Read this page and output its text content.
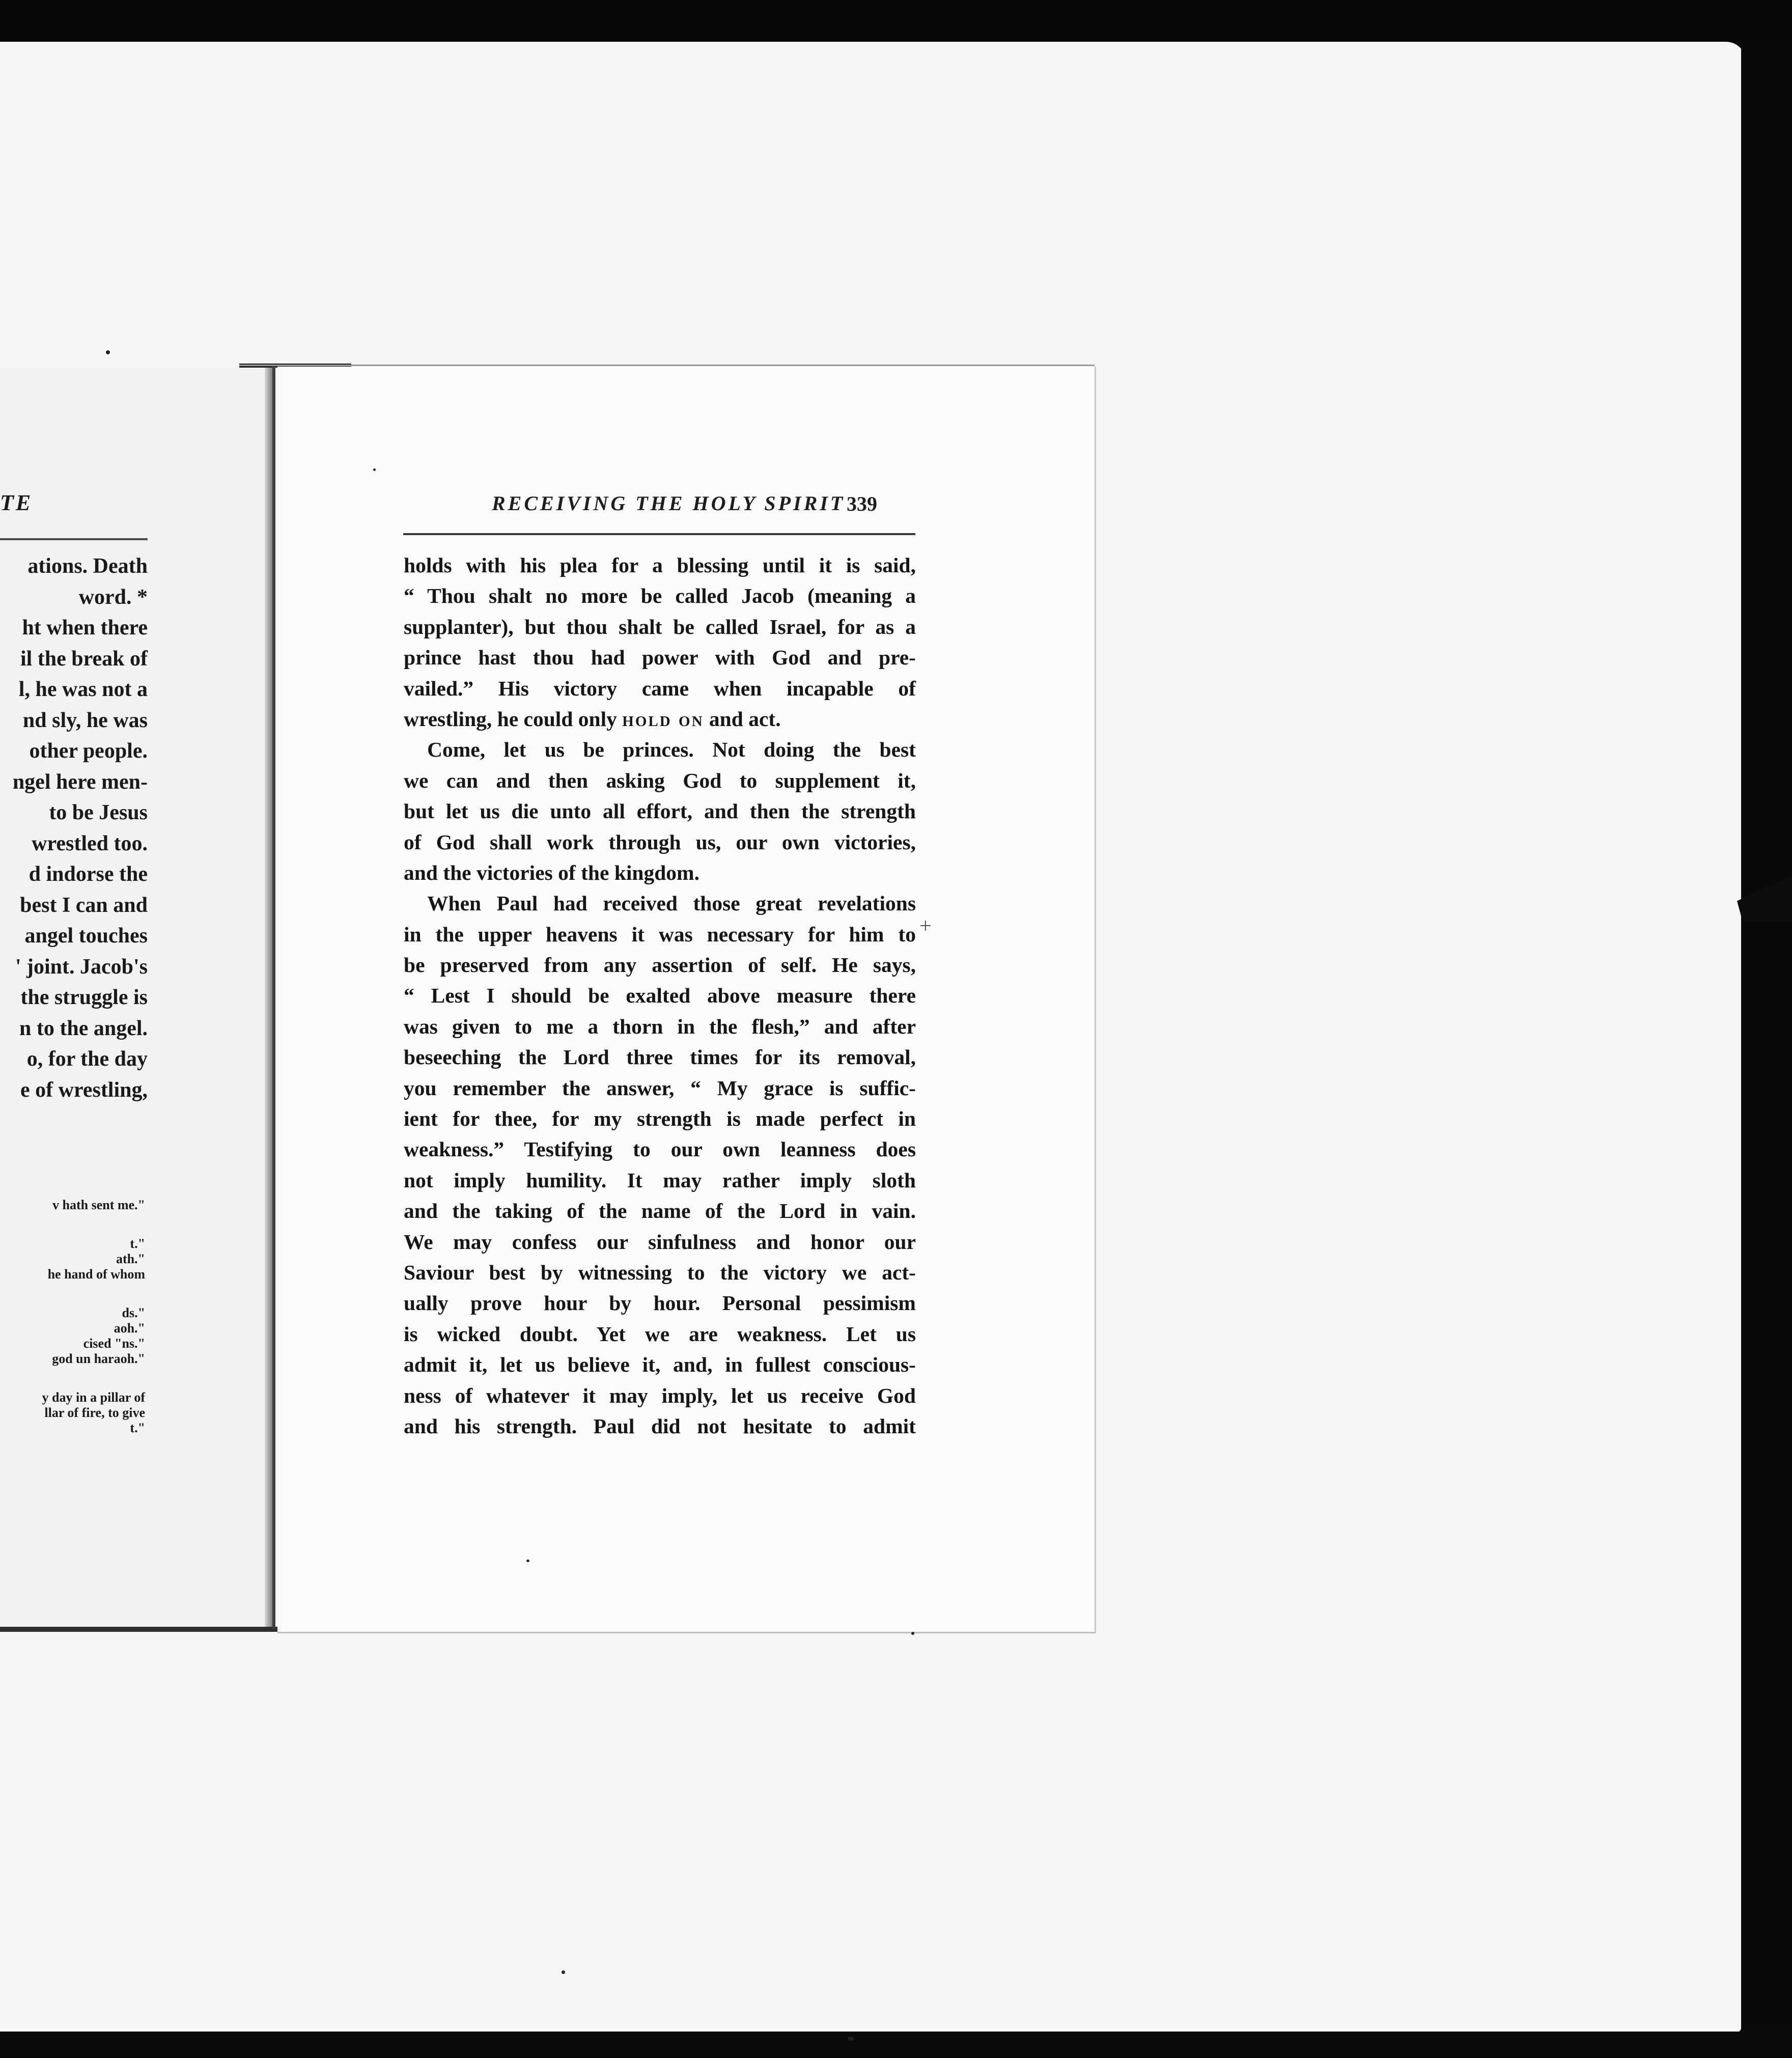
TE
ations. Death
word. *
ht when there
il the break of
l, he was not a
nd sly, he was
other people.
ngel here men-
to be Jesus
wrestled too.
d indorse the
best I can and
angel touches
' joint. Jacob's
the struggle is
n to the angel.
o, for the day
e of wrestling,
v hath sent me."
t."
ath."
he hand of whom
ds."
aoh."
cised "ns."
god un haraoh."
y day in a pillar of
llar of fire, to give
t."
RECEIVING THE HOLY SPIRIT 339
holds with his plea for a blessing until it is said,
“ Thou shalt no more be called Jacob (meaning a
supplanter), but thou shalt be called Israel, for as a
prince hast thou had power with God and pre-
vailed.” His victory came when incapable of
wrestling, he could only hold on and act.
Come, let us be princes. Not doing the best
we can and then asking God to supplement it,
but let us die unto all effort, and then the strength
of God shall work through us, our own victories,
and the victories of the kingdom.
When Paul had received those great revelations
in the upper heavens it was necessary for him to
be preserved from any assertion of self. He says,
“ Lest I should be exalted above measure there
was given to me a thorn in the flesh,” and after
beseeching the Lord three times for its removal,
you remember the answer, “ My grace is suffic-
ient for thee, for my strength is made perfect in
weakness.” Testifying to our own leanness does
not imply humility. It may rather imply sloth
and the taking of the name of the Lord in vain.
We may confess our sinfulness and honor our
Saviour best by witnessing to the victory we act-
ually prove hour by hour. Personal pessimism
is wicked doubt. Yet we are weakness. Let us
admit it, let us believe it, and, in fullest conscious-
ness of whatever it may imply, let us receive God
and his strength. Paul did not hesitate to admit
+
